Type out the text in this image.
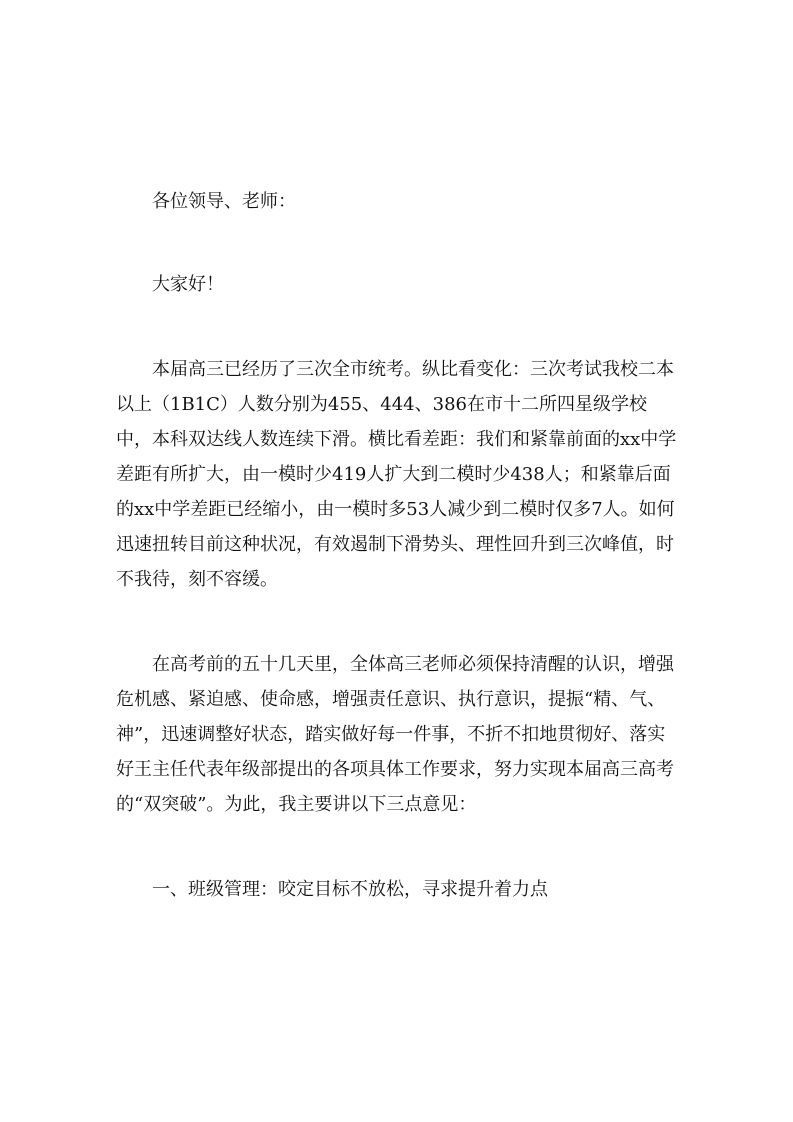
各位领导、老师：

大家好！

本届高三已经历了三次全市统考。纵比看变化：三次考试我校二本以上（1B1C）人数分别为455、444、386在市十二所四星级学校中，本科双达线人数连续下滑。横比看差距：我们和紧靠前面的xx中学差距有所扩大，由一模时少419人扩大到二模时少438人；和紧靠后面的xx中学差距已经缩小，由一模时多53人减少到二模时仅多7人。如何迅速扭转目前这种状况，有效遏制下滑势头、理性回升到三次峰值，时不我待，刻不容缓。

在高考前的五十几天里，全体高三老师必须保持清醒的认识，增强危机感、紧迫感、使命感，增强责任意识、执行意识，提振“精、气、神”，迅速调整好状态，踏实做好每一件事，不折不扣地贯彻好、落实好王主任代表年级部提出的各项具体工作要求，努力实现本届高三高考的“双突破”。为此，我主要讲以下三点意见：

一、班级管理：咬定目标不放松，寻求提升着力点
